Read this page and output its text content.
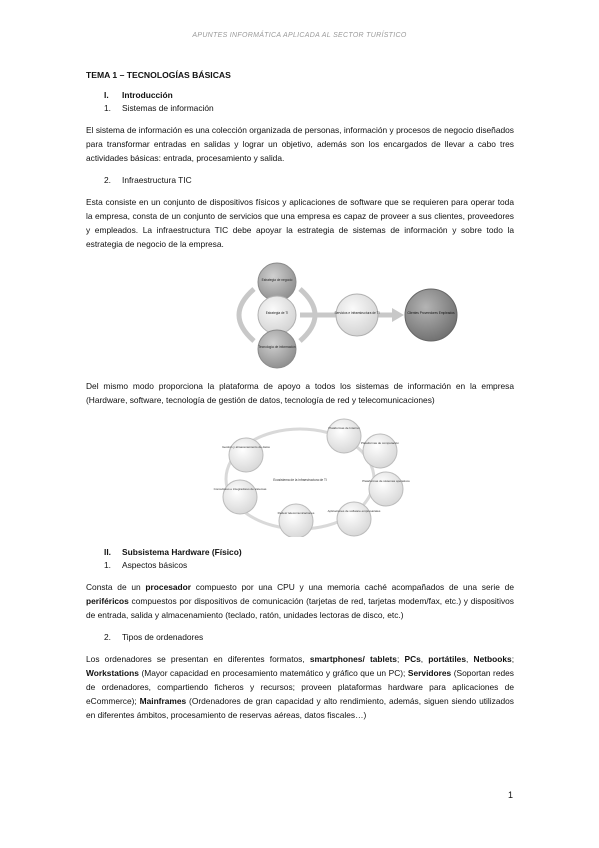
APUNTES INFORMÁTICA APLICADA AL SECTOR TURÍSTICO
TEMA 1 – TECNOLOGÍAS BÁSICAS
I. Introducción
1. Sistemas de información

El sistema de información es una colección organizada de personas, información y procesos de negocio diseñados para transformar entradas en salidas y lograr un objetivo, además son los encargados de llevar a cabo tres actividades básicas: entrada, procesamiento y salida.

2. Infraestructura TIC

Esta consiste en un conjunto de dispositivos físicos y aplicaciones de software que se requieren para operar toda la empresa, consta de un conjunto de servicios que una empresa es capaz de proveer a sus clientes, proveedores y empleados. La infraestructura TIC debe apoyar la estrategia de sistemas de información y sobre todo la estrategia de negocio de la empresa.

Estrategia de negocio
Estrategia de TI
Tecnología de información
Servicios e infraestructura de TI	Clientes Proveedores Empleados

Del mismo modo proporciona la plataforma de apoyo a todos los sistemas de información en la empresa (Hardware, software, tecnología de gestión de datos, tecnología de red y telecomunicaciones)

Ecosistema de la infraestructura de TI
Plataformas de Internet
Plataformas de computación
Plataformas de sistemas operativos
Aplicaciones de software empresariales
Redes/ telecomunicaciones
Consultores e integradores de sistemas
Gestión y almacenamiento de datos
II. Subsistema Hardware (Físico)
1. Aspectos básicos

Consta de un procesador compuesto por una CPU y una memoria caché acompañados de una serie de periféricos compuestos por dispositivos de comunicación (tarjetas de red, tarjetas modem/fax, etc.) y dispositivos de entrada, salida y almacenamiento (teclado, ratón, unidades lectoras de disco, etc.)

2. Tipos de ordenadores

Los ordenadores se presentan en diferentes formatos, smartphones/ tablets; PCs, portátiles, Netbooks; Workstations (Mayor capacidad en procesamiento matemático y gráfico que un PC); Servidores (Soportan redes de ordenadores, compartiendo ficheros y recursos; proveen plataformas hardware para aplicaciones de eCommerce); Mainframes (Ordenadores de gran capacidad y alto rendimiento, además, siguen siendo utilizados en diferentes ámbitos, procesamiento de reservas aéreas, datos fiscales…)

1
